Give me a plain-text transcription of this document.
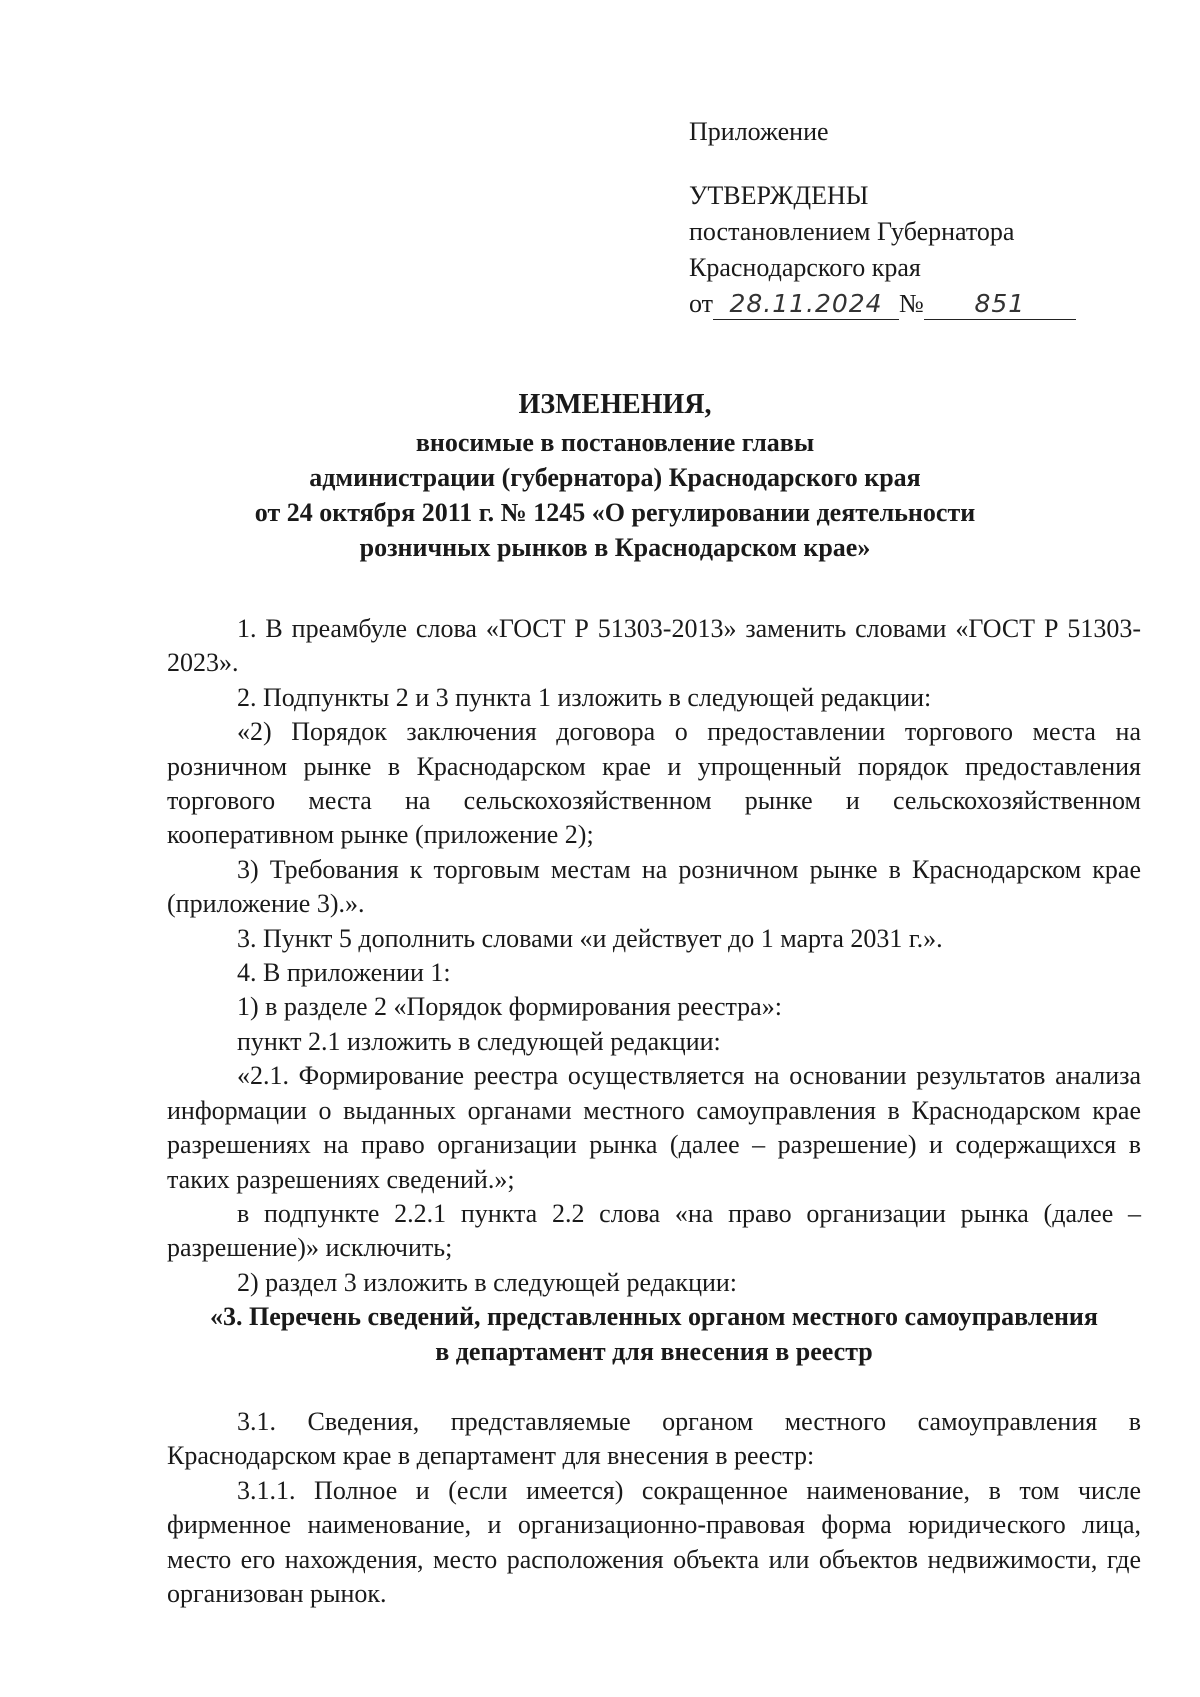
Приложение
УТВЕРЖДЕНЫ
постановлением Губернатора
Краснодарского края
от 28.11.2024 №	851
ИЗМЕНЕНИЯ,
вносимые в постановление главы
администрации (губернатора) Краснодарского края
от 24 октября 2011 г. № 1245 «О регулировании деятельности
розничных рынков в Краснодарском крае»

1. В преамбуле слова «ГОСТ Р 51303-2013» заменить словами «ГОСТ Р 51303-2023».

2. Подпункты 2 и 3 пункта 1 изложить в следующей редакции:

«2) Порядок заключения договора о предоставлении торгового места на розничном рынке в Краснодарском крае и упрощенный порядок предоставления торгового места на сельскохозяйственном рынке и сельскохозяйственном кооперативном рынке (приложение 2);

3) Требования к торговым местам на розничном рынке в Краснодарском крае (приложение 3).».

3. Пункт 5 дополнить словами «и действует до 1 марта 2031 г.».

4. В приложении 1:

1) в разделе 2 «Порядок формирования реестра»:

пункт 2.1 изложить в следующей редакции:

«2.1. Формирование реестра осуществляется на основании результатов анализа информации о выданных органами местного самоуправления в Краснодарском крае разрешениях на право организации рынка (далее – разрешение) и содержащихся в таких разрешениях сведений.»;

в подпункте 2.2.1 пункта 2.2 слова «на право организации рынка (далее – разрешение)» исключить;

2) раздел 3 изложить в следующей редакции:

«3. Перечень сведений, представленных органом местного самоуправления в департамент для внесения в реестр

3.1. Сведения, представляемые органом местного самоуправления в Краснодарском крае в департамент для внесения в реестр:

3.1.1. Полное и (если имеется) сокращенное наименование, в том числе фирменное наименование, и организационно-правовая форма юридического лица, место его нахождения, место расположения объекта или объектов недвижимости, где организован рынок.
